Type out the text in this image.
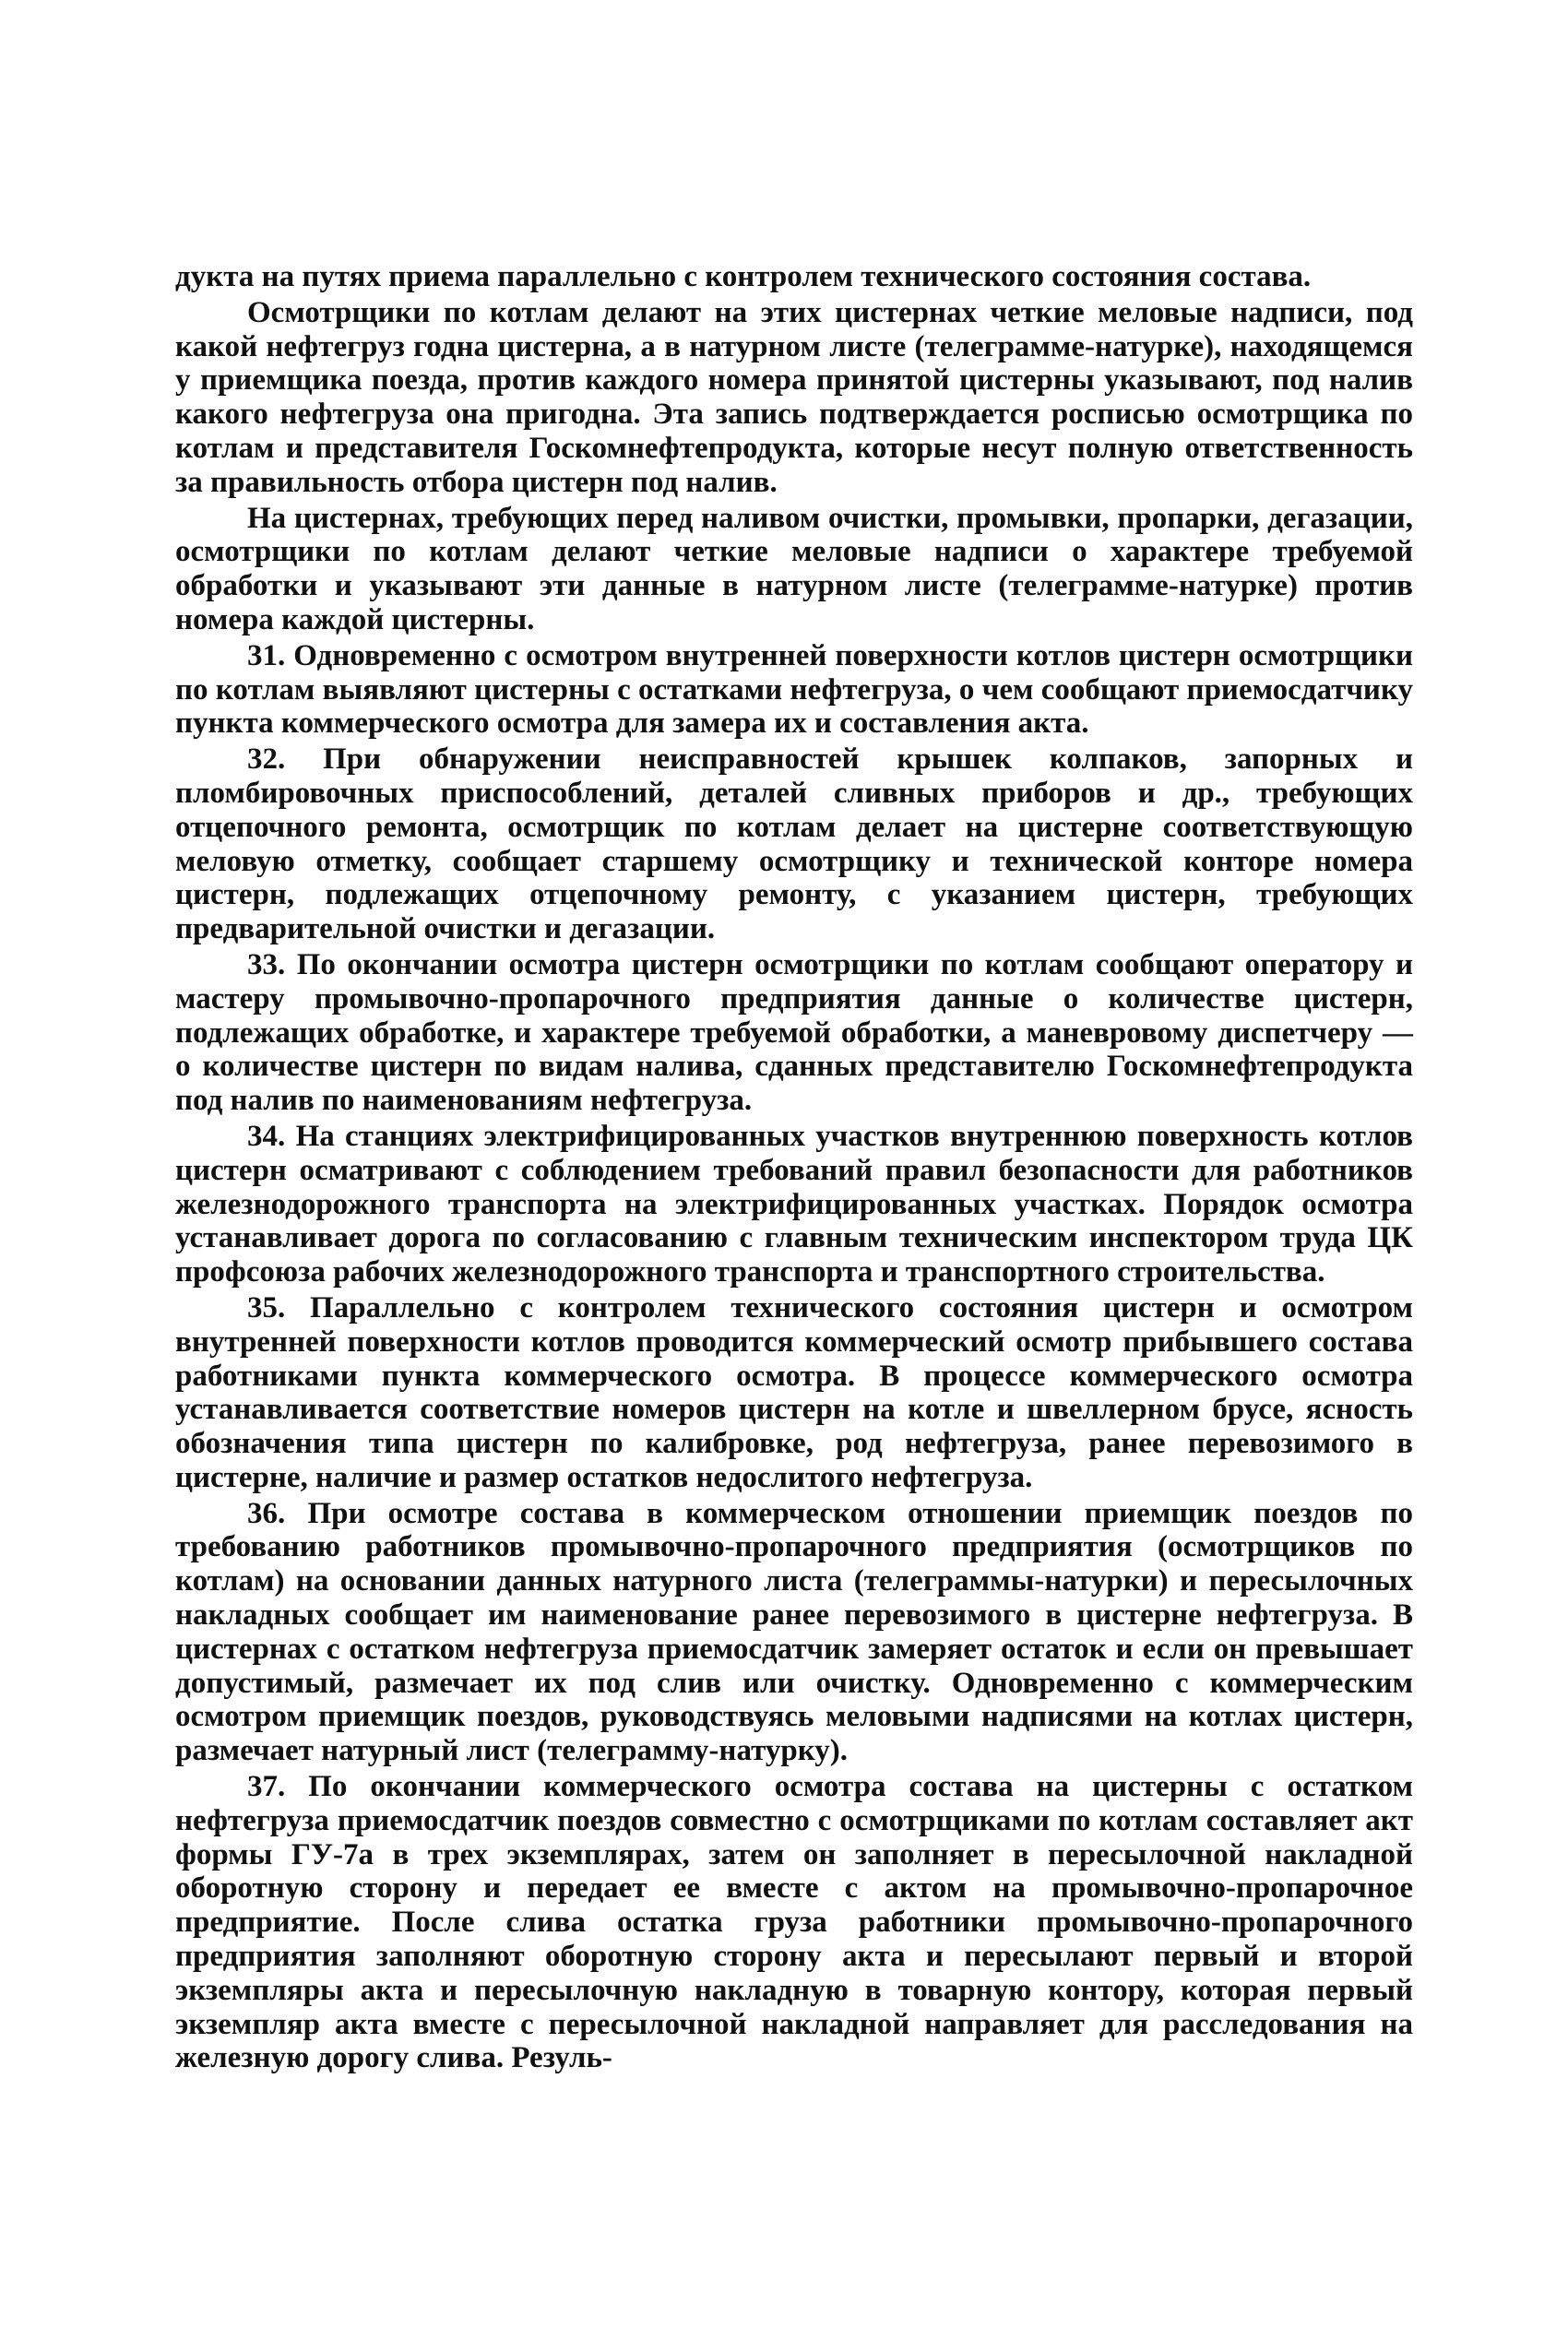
дукта на путях приема параллельно с контролем технического состояния состава.

Осмотрщики по котлам делают на этих цистернах четкие меловые надписи, под какой нефтегруз годна цистерна, а в натурном листе (телеграмме-натурке), находящемся у приемщика поезда, против каждого номера принятой цистерны указывают, под налив какого нефтегруза она пригодна. Эта запись подтверждается росписью осмотрщика по котлам и представителя Госкомнефтепродукта, которые несут полную ответственность за правильность отбора цистерн под налив.

На цистернах, требующих перед наливом очистки, промывки, пропарки, дегазации, осмотрщики по котлам делают четкие меловые надписи о характере требуемой обработки и указывают эти данные в натурном листе (телеграмме-натурке) против номера каждой цистерны.

31. Одновременно с осмотром внутренней поверхности котлов цистерн осмотрщики по котлам выявляют цистерны с остатками нефтегруза, о чем сообщают приемосдатчику пункта коммерческого осмотра для замера их и составления акта.

32. При обнаружении неисправностей крышек колпаков, запорных и пломбировочных приспособлений, деталей сливных приборов и др., требующих отцепочного ремонта, осмотрщик по котлам делает на цистерне соответствующую меловую отметку, сообщает старшему осмотрщику и технической конторе номера цистерн, подлежащих отцепочному ремонту, с указанием цистерн, требующих предварительной очистки и дегазации.

33. По окончании осмотра цистерн осмотрщики по котлам сообщают оператору и мастеру промывочно-пропарочного предприятия данные о количестве цистерн, подлежащих обработке, и характере требуемой обработки, а маневровому диспетчеру — о количестве цистерн по видам налива, сданных представителю Госкомнефтепродукта под налив по наименованиям нефтегруза.

34. На станциях электрифицированных участков внутреннюю поверхность котлов цистерн осматривают с соблюдением требований правил безопасности для работников железнодорожного транспорта на электрифицированных участках. Порядок осмотра устанавливает дорога по согласованию с главным техническим инспектором труда ЦК профсоюза рабочих железнодорожного транспорта и транспортного строительства.

35. Параллельно с контролем технического состояния цистерн и осмотром внутренней поверхности котлов проводится коммерческий осмотр прибывшего состава работниками пункта коммерческого осмотра. В процессе коммерческого осмотра устанавливается соответствие номеров цистерн на котле и швеллерном брусе, ясность обозначения типа цистерн по калибровке, род нефтегруза, ранее перевозимого в цистерне, наличие и размер остатков недослитого нефтегруза.

36. При осмотре состава в коммерческом отношении приемщик поездов по требованию работников промывочно-пропарочного предприятия (осмотрщиков по котлам) на основании данных натурного листа (телеграммы-натурки) и пересылочных накладных сообщает им наименование ранее перевозимого в цистерне нефтегруза. В цистернах с остатком нефтегруза приемосдатчик замеряет остаток и если он превышает допустимый, размечает их под слив или очистку. Одновременно с коммерческим осмотром приемщик поездов, руководствуясь меловыми надписями на котлах цистерн, размечает натурный лист (телеграмму-натурку).

37. По окончании коммерческого осмотра состава на цистерны с остатком нефтегруза приемосдатчик поездов совместно с осмотрщиками по котлам составляет акт формы ГУ-7а в трех экземплярах, затем он заполняет в пересылочной накладной оборотную сторону и передает ее вместе с актом на промывочно-пропарочное предприятие. После слива остатка груза работники промывочно-пропарочного предприятия заполняют оборотную сторону акта и пересылают первый и второй экземпляры акта и пересылочную накладную в товарную контору, которая первый экземпляр акта вместе с пересылочной накладной направляет для расследования на железную дорогу слива. Резуль-
